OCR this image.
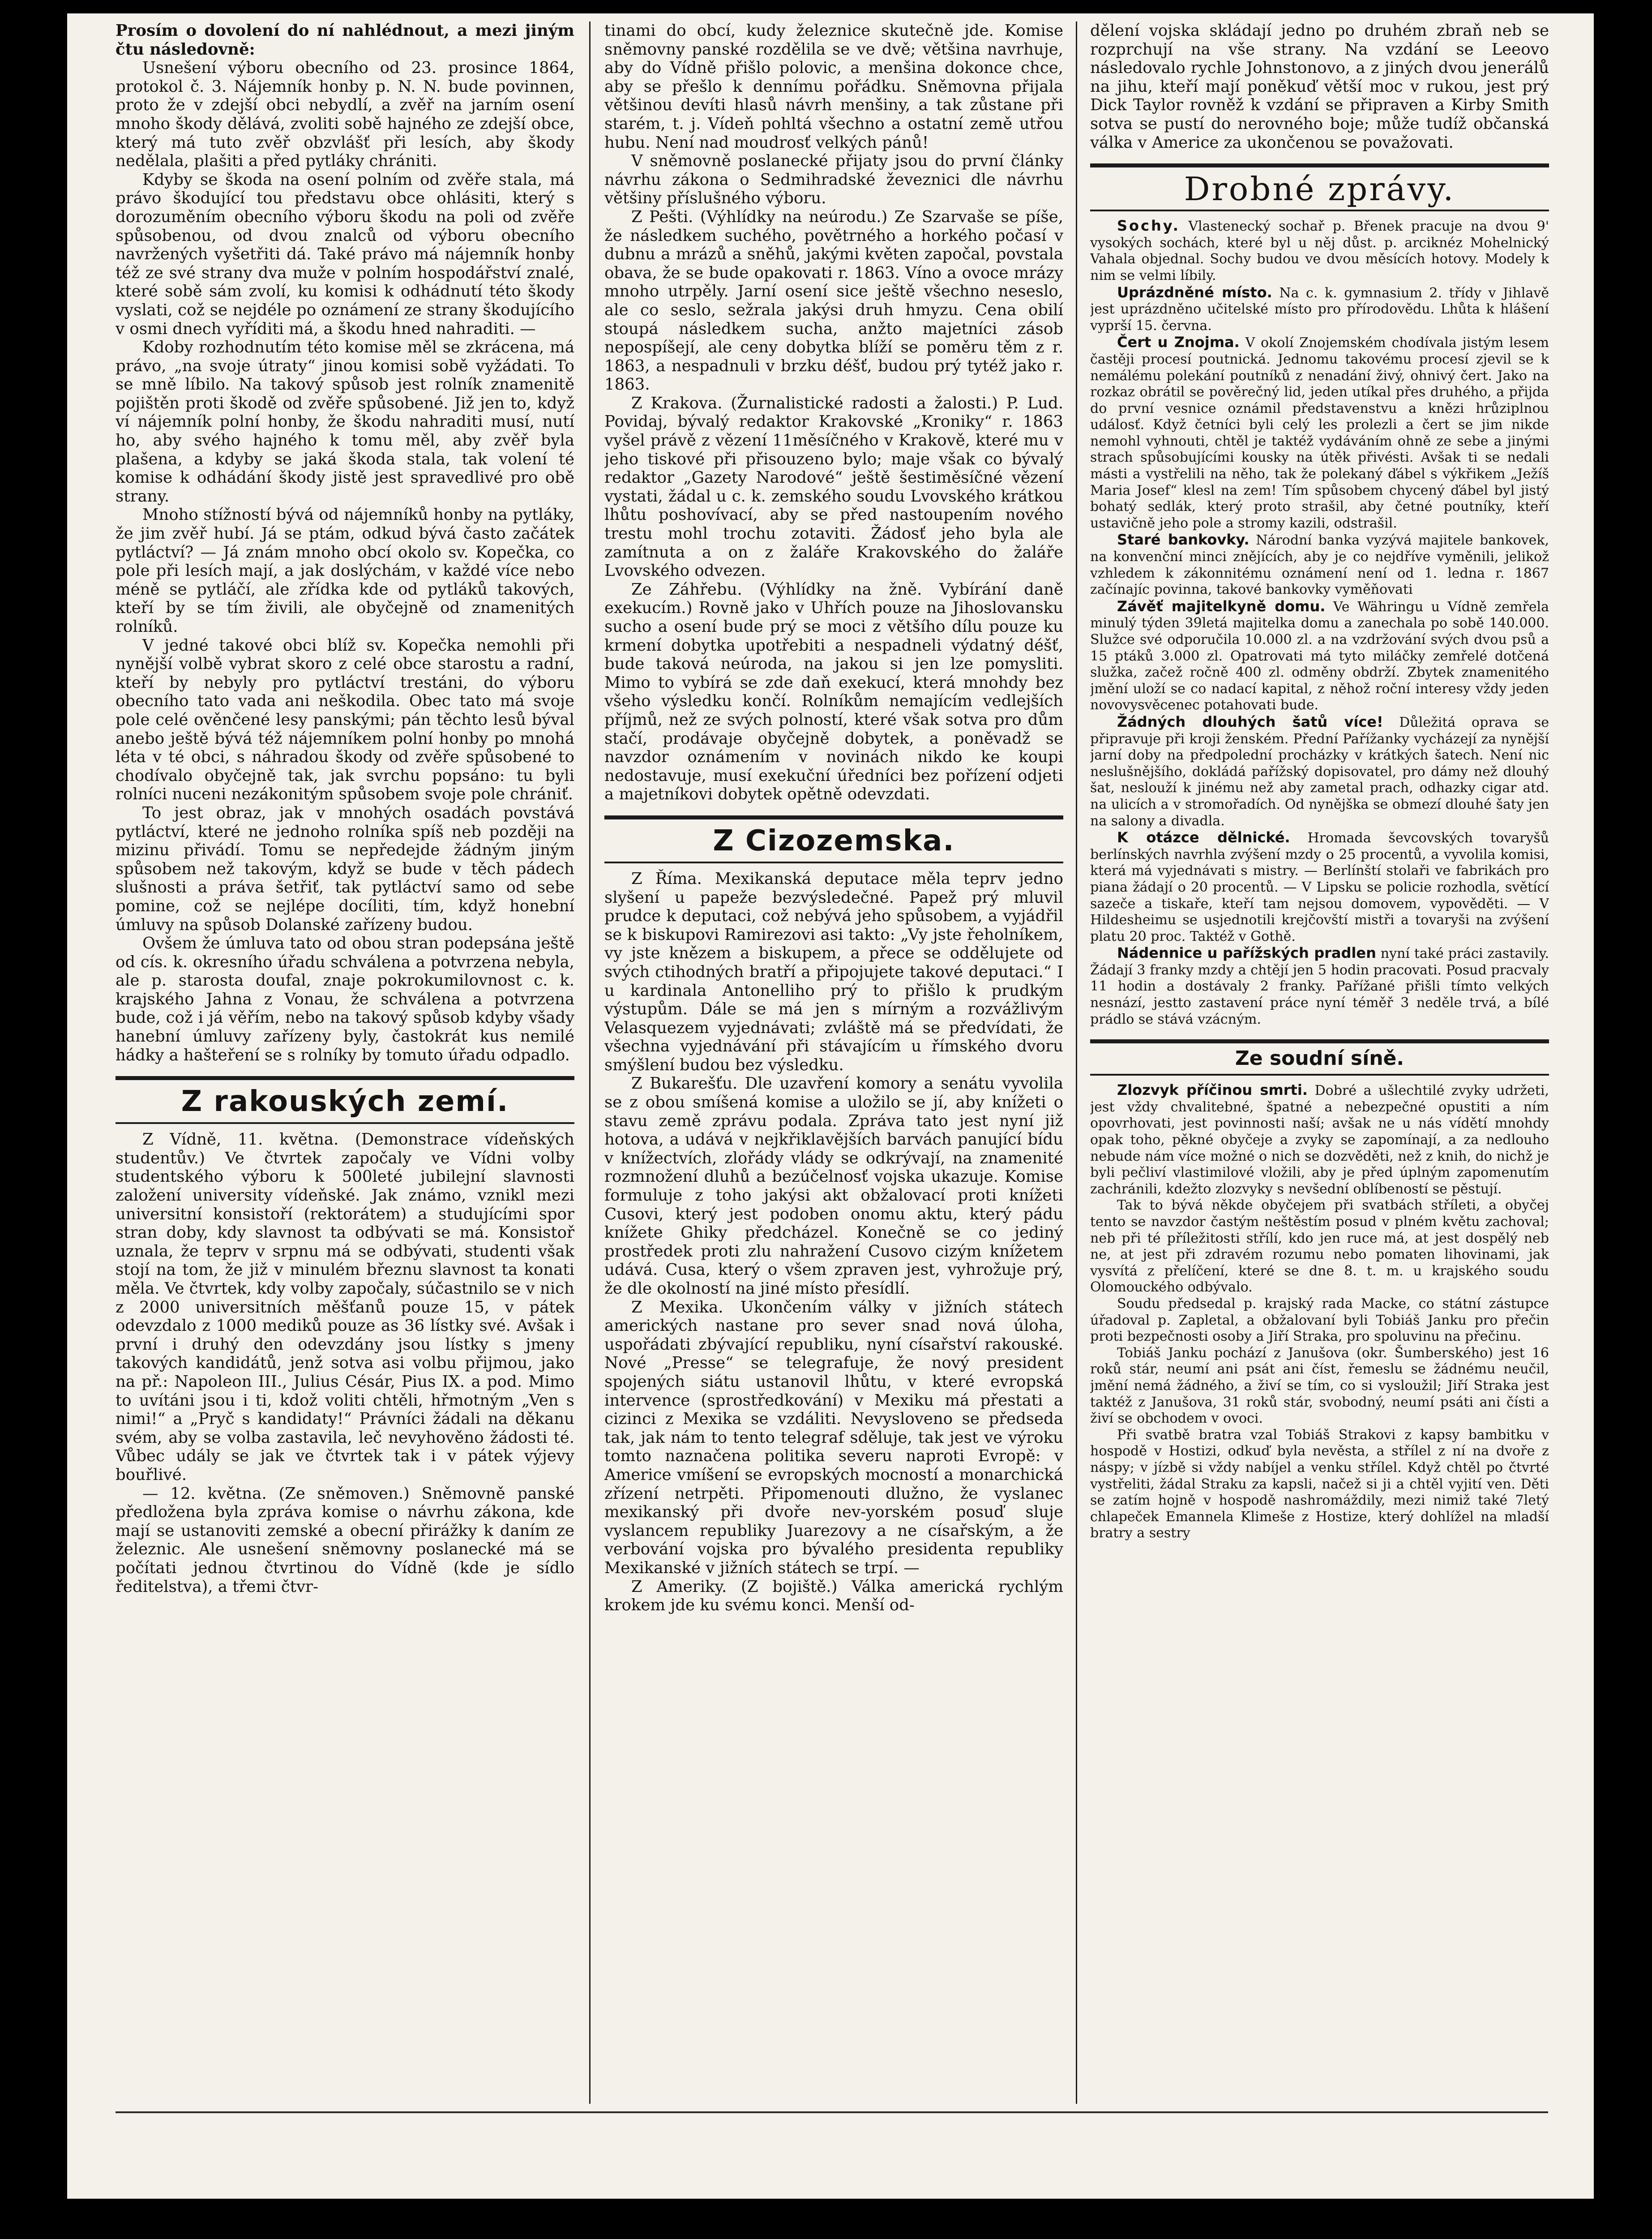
Prosím o dovolení do ní nahlédnout, a mezi jiným čtu následovně:

Usnešení výboru obecního od 23. prosince 1864, protokol č. 3. Nájemník honby p. N. N. bude povinnen, proto že v zdejší obci nebydlí, a zvěř na jarním osení mnoho škody dělává, zvoliti sobě hajného ze zdejší obce, který má tuto zvěř obzvlášť při lesích, aby škody nedělala, plašiti a před pytláky chrániti.

Kdyby se škoda na osení polním od zvěře stala, má právo škodující tou představu obce ohlásiti, který s dorozuměním obecního výboru škodu na poli od zvěře spůsobenou, od dvou znalců od výboru obecního navržených vyšetřiti dá. Také právo má nájemník honby též ze své strany dva muže v polním hospodářství znalé, které sobě sám zvolí, ku komisi k odhádnutí této škody vyslati, což se nejdéle po oznámení ze strany škodujícího v osmi dnech vyříditi má, a škodu hned nahraditi. —

Kdoby rozhodnutím této komise měl se zkrácena, má právo, „na svoje útraty“ jinou komisi sobě vyžádati. To se mně líbilo. Na takový spůsob jest rolník znamenitě pojištěn proti škodě od zvěře spůsobené. Již jen to, když ví nájemník polní honby, že škodu nahraditi musí, nutí ho, aby svého hajného k tomu měl, aby zvěř byla plašena, a kdyby se jaká škoda stala, tak volení té komise k odhádání škody jistě jest spravedlivé pro obě strany.

Mnoho stížností bývá od nájemníků honby na pytláky, že jim zvěř hubí. Já se ptám, odkud bývá často začátek pytláctví? — Já znám mnoho obcí okolo sv. Kopečka, co pole při lesích mají, a jak doslýchám, v každé více nebo méně se pytláčí, ale zřídka kde od pytláků takových, kteří by se tím živili, ale obyčejně od znamenitých rolníků.

V jedné takové obci blíž sv. Kopečka nemohli při nynější volbě vybrat skoro z celé obce starostu a radní, kteří by nebyly pro pytláctví trestáni, do výboru obecního tato vada ani neškodila. Obec tato má svoje pole celé ověnčené lesy panskými; pán těchto lesů býval anebo ještě bývá též nájemníkem polní honby po mnohá léta v té obci, s náhradou škody od zvěře spůsobené to chodívalo obyčejně tak, jak svrchu popsáno: tu byli rolníci nuceni nezákonitým spůsobem svoje pole chrániť.

To jest obraz, jak v mnohých osadách povstává pytláctví, které ne jednoho rolníka spíš neb později na mizinu přivádí. Tomu se nepředejde žádným jiným spůsobem než takovým, když se bude v těch pádech slušnosti a práva šetřiť, tak pytláctví samo od sebe pomine, což se nejlépe docíliti, tím, když honební úmluvy na spůsob Dolanské zařízeny budou.

Ovšem že úmluva tato od obou stran podepsána ještě od cís. k. okresního úřadu schválena a potvrzena nebyla, ale p. starosta doufal, znaje pokrokumilovnost c. k. krajského Jahna z Vonau, že schválena a potvrzena bude, což i já věřím, nebo na takový spůsob kdyby všady hanební úmluvy zařízeny byly, častokrát kus nemilé hádky a hašteření se s rolníky by tomuto úřadu odpadlo.

Z rakouských zemí.

Z Vídně, 11. května. (Demonstrace vídeňských studentův.) Ve čtvrtek započaly ve Vídni volby studentského výboru k 500leté jubilejní slavnosti založení university vídeňské. Jak známo, vznikl mezi universitní konsistoří (rektorátem) a studujícími spor stran doby, kdy slavnost ta odbývati se má. Konsistoř uznala, že teprv v srpnu má se odbývati, studenti však stojí na tom, že již v minulém březnu slavnost ta konati měla. Ve čtvrtek, kdy volby započaly, súčastnilo se v nich z 2000 universitních měšťanů pouze 15, v pátek odevzdalo z 1000 mediků pouze as 36 lístky své. Avšak i první i druhý den odevzdány jsou lístky s jmeny takových kandidátů, jenž sotva asi volbu přijmou, jako na př.: Napoleon III., Julius Césár, Pius IX. a pod. Mimo to uvítáni jsou i ti, kdož voliti chtěli, hřmotným „Ven s nimi!“ a „Pryč s kandidaty!“ Právníci žádali na děkanu svém, aby se volba zastavila, leč nevyhověno žádosti té. Vůbec udály se jak ve čtvrtek tak i v pátek výjevy bouřlivé.

— 12. května. (Ze sněmoven.) Sněmovně panské předložena byla zpráva komise o návrhu zákona, kde mají se ustanoviti zemské a obecní přirážky k daním ze železnic. Ale usnešení sněmovny poslanecké má se počítati jednou čtvrtinou do Vídně (kde je sídlo ředitelstva), a třemi čtvr-

tinami do obcí, kudy železnice skutečně jde. Komise sněmovny panské rozdělila se ve dvě; většina navrhuje, aby do Vídně přišlo polovic, a menšina dokonce chce, aby se přešlo k dennímu pořádku. Sněmovna přijala většinou devíti hlasů návrh menšiny, a tak zůstane při starém, t. j. Vídeň pohltá všechno a ostatní země utřou hubu. Není nad moudrosť velkých pánů!

V sněmovně poslanecké přijaty jsou do první články návrhu zákona o Sedmihradské ževeznici dle návrhu většiny příslušného výboru.

Z Pešti. (Výhlídky na neúrodu.) Ze Szarvaše se píše, že následkem suchého, povětrného a horkého počasí v dubnu a mrázů a sněhů, jakými květen započal, povstala obava, že se bude opakovati r. 1863. Víno a ovoce mrázy mnoho utrpěly. Jarní osení sice ještě všechno neseslo, ale co seslo, sežrala jakýsi druh hmyzu. Cena obilí stoupá následkem sucha, anžto majetníci zásob nepospíšejí, ale ceny dobytka blíží se poměru těm z r. 1863, a nespadnuli v brzku déšť, budou prý tytéž jako r. 1863.

Z Krakova. (Žurnalistické radosti a žalosti.) P. Lud. Povidaj, bývalý redaktor Krakovské „Kroniky“ r. 1863 vyšel právě z vězení 11měsíčného v Krakově, které mu v jeho tiskové při přisouzeno bylo; maje však co bývalý redaktor „Gazety Narodové“ ještě šestiměsíčné vězení vystati, žádal u c. k. zemského soudu Lvovského krátkou lhůtu poshovívací, aby se před nastoupením nového trestu mohl trochu zotaviti. Žádosť jeho byla ale zamítnuta a on z žaláře Krakovského do žaláře Lvovského odvezen.

Ze Záhřebu. (Výhlídky na žně. Vybírání daně exekucím.) Rovně jako v Uhřích pouze na Jihoslovansku sucho a osení bude prý se moci z většího dílu pouze ku krmení dobytka upotřebiti a nespadneli výdatný déšť, bude taková neúroda, na jakou si jen lze pomysliti. Mimo to vybírá se zde daň exekucí, která mnohdy bez všeho výsledku končí. Rolníkům nemajícím vedlejších příjmů, než ze svých polností, které však sotva pro dům stačí, prodávaje obyčejně dobytek, a poněvadž se navzdor oznámením v novinách nikdo ke koupi nedostavuje, musí exekuční úředníci bez pořízení odjeti a majetníkovi dobytek opětně odevzdati.

Z Cizozemska.

Z Říma. Mexikanská deputace měla teprv jedno slyšení u papeže bezvýsledečné. Papež prý mluvil prudce k deputaci, což nebývá jeho spůsobem, a vyjádřil se k biskupovi Ramirezovi asi takto: „Vy jste řeholníkem, vy jste knězem a biskupem, a přece se oddělujete od svých ctihodných bratří a připojujete takové deputaci.“ I u kardinala Antonelliho prý to přišlo k prudkým výstupům. Dále se má jen s mírným a rozvážlivým Velasquezem vyjednávati; zvláště má se předvídati, že všechna vyjednávání při stávajícím u římského dvoru smýšlení budou bez výsledku.

Z Bukarešťu. Dle uzavření komory a senátu vyvolila se z obou smíšená komise a uložilo se jí, aby knížeti o stavu země zprávu podala. Zpráva tato jest nyní již hotova, a udává v nejkřiklavějších barvách panující bídu v knížectvích, zlořády vlády se odkrývají, na znamenité rozmnožení dluhů a bezúčelnosť vojska ukazuje. Komise formuluje z toho jakýsi akt obžalovací proti knížeti Cusovi, který jest podoben onomu aktu, který pádu knížete Ghiky předcházel. Konečně se co jediný prostředek proti zlu nahražení Cusovo cizým knížetem udává. Cusa, který o všem zpraven jest, vyhrožuje prý, že dle okolností na jiné místo přesídlí.

Z Mexika. Ukončením války v jižních státech amerických nastane pro sever snad nová úloha, uspořádati zbývající republiku, nyní císařství rakouské. Nové „Presse“ se telegrafuje, že nový president spojených siátu ustanovil lhůtu, v které evropská intervence (sprostředkování) v Mexiku má přestati a cizinci z Mexika se vzdáliti. Nevysloveno se předseda tak, jak nám to tento telegraf sděluje, tak jest ve výroku tomto naznačena politika severu naproti Evropě: v Americe vmíšení se evropských mocností a monarchická zřízení netrpěti. Připomenouti dlužno, že vyslanec mexikanský při dvoře nev-yorském posuď sluje vyslancem republiky Juarezovy a ne císařským, a že verbování vojska pro bývalého presidenta republiky Mexikanské v jižních státech se trpí. —

Z Ameriky. (Z bojiště.) Válka americká rychlým krokem jde ku svému konci. Menší od-

dělení vojska skládají jedno po druhém zbraň neb se rozprchují na vše strany. Na vzdání se Leeovo následovalo rychle Johnstonovo, a z jiných dvou jenerálů na jihu, kteří mají poněkuď větší moc v rukou, jest prý Dick Taylor rovněž k vzdání se připraven a Kirby Smith sotva se pustí do nerovného boje; může tudíž občanská válka v Americe za ukončenou se považovati.

Drobné zprávy.

Sochy. Vlastenecký sochař p. Břenek pracuje na dvou 9' vysokých sochách, které byl u něj důst. p. arciknéz Mohelnický Vahala objednal. Sochy budou ve dvou měsících hotovy. Modely k nim se velmi líbily.

Uprázdněné místo. Na c. k. gymnasium 2. třídy v Jihlavě jest uprázdněno učitelské místo pro přírodovědu. Lhůta k hlášení vyprší 15. června.

Čert u Znojma. V okolí Znojemském chodívala jistým lesem častěji procesí poutnická. Jednomu takovému procesí zjevil se k nemálému polekání poutníků z nenadání živý, ohnivý čert. Jako na rozkaz obrátil se pověrečný lid, jeden utíkal přes druhého, a přijda do první vesnice oznámil představenstvu a knězi hrůziplnou událosť. Když četníci byli celý les prolezli a čert se jim nikde nemohl vyhnouti, chtěl je taktéž vydáváním ohně ze sebe a jinými strach spůsobujícími kousky na útěk přivésti. Avšak ti se nedali másti a vystřelili na něho, tak že polekaný ďábel s výkřikem „Ježíš Maria Josef“ klesl na zem! Tím spůsobem chycený ďábel byl jistý bohatý sedlák, který proto strašil, aby četné poutníky, kteří ustavičně jeho pole a stromy kazili, odstrašil.

Staré bankovky. Národní banka vyzývá majitele bankovek, na konvenční minci znějících, aby je co nejdříve vyměnili, jelikož vzhledem k zákonnitému oznámení není od 1. ledna r. 1867 začínajíc povinna, takové bankovky vyměňovati

Závěť majitelkyně domu. Ve Währingu u Vídně zemřela minulý týden 39letá majitelka domu a zanechala po sobě 140.000. Služce své odporučila 10.000 zl. a na vzdržování svých dvou psů a 15 ptáků 3.000 zl. Opatrovati má tyto miláčky zemřelé dotčená služka, začež ročně 400 zl. odměny obdrží. Zbytek znamenitého jmění uloží se co nadací kapital, z něhož roční interesy vždy jeden novovysvěcenec potahovati bude.

Žádných dlouhých šatů více! Důležitá oprava se připravuje při kroji ženském. Přední Pařížanky vycházejí za nynější jarní doby na předpolední procházky v krátkých šatech. Není nic neslušnějšího, dokládá pařížský dopisovatel, pro dámy než dlouhý šat, neslouží k jinému než aby zametal prach, odhazky cigar atd. na ulicích a v stromořadích. Od nynějška se obmezí dlouhé šaty jen na salony a divadla.

K otázce dělnické. Hromada ševcovských tovaryšů berlínských navrhla zvýšení mzdy o 25 procentů, a vyvolila komisi, která má vyjednávati s mistry. — Berlínští stolaři ve fabrikách pro piana žádají o 20 procentů. — V Lipsku se policie rozhodla, světící sazeče a tiskaře, kteří tam nejsou domovem, vypověděti. — V Hildesheimu se usjednotili krejčovští mistři a tovaryši na zvýšení platu 20 proc. Taktéž v Gothě.

Nádennice u pařížských pradlen nyní také práci zastavily. Žádají 3 franky mzdy a chtějí jen 5 hodin pracovati. Posud pracvaly 11 hodin a dostávaly 2 franky. Pařížané přišli tímto velkých nesnází, jestto zastavení práce nyní téměř 3 neděle trvá, a bílé prádlo se stává vzácným.

Ze soudní síně.

Zlozvyk příčinou smrti. Dobré a ušlechtilé zvyky udržeti, jest vždy chvalitebné, špatné a nebezpečné opustiti a ním opovrhovati, jest povinnosti naší; avšak ne u nás vídětí mnohdy opak toho, pěkné obyčeje a zvyky se zapomínají, a za nedlouho nebude nám více možné o nich se dozvěděti, než z knih, do nichž je byli pečliví vlastimilové vložili, aby je před úplným zapomenutím zachránili, kdežto zlozvyky s nevšední oblíbeností se pěstují.

Tak to bývá někde obyčejem při svatbách střílеti, a obyčej tento se navzdor častým neštěstím posud v plném květu zachoval; neb při té příležitosti střílí, kdo jen ruce má, at jest dospělý neb ne, at jest při zdravém rozumu nebo pomaten lihovinami, jak vysvítá z přelíčení, které se dne 8. t. m. u krajského soudu Olomouckého odbývalo.

Soudu předsedal p. krajský rada Macke, co státní zástupce úřadoval p. Zapletal, a obžalovaní byli Tobiáš Janku pro přečin proti bezpečnosti osoby a Jiří Straka, pro spoluvinu na přečinu.

Tobiáš Janku pochází z Janušova (okr. Šumberského) jest 16 roků stár, neumí ani psát ani číst, řemeslu se žádnému neučil, jmění nemá žádného, a živí se tím, co si vysloužil; Jiří Straka jest taktéž z Janušova, 31 roků stár, svobodný, neumí psáti ani čísti a živí se obchodem v ovoci.

Při svatbě bratra vzal Tobiáš Strakovi z kapsy bambitku v hospodě v Hostizi, odkuď byla nevěsta, a střílel z ní na dvoře z náspy; v jízbě si vždy nabíjel a venku střílel. Když chtěl po čtvrté vystřeliti, žádal Straku za kapsli, načež si ji a chtěl vyjití ven. Děti se zatím hojně v hospodě nashromáždily, mezi nimiž také 7letý chlapeček Emannela Klimeše z Hostize, který dohlížel na mladší bratry a sestry
